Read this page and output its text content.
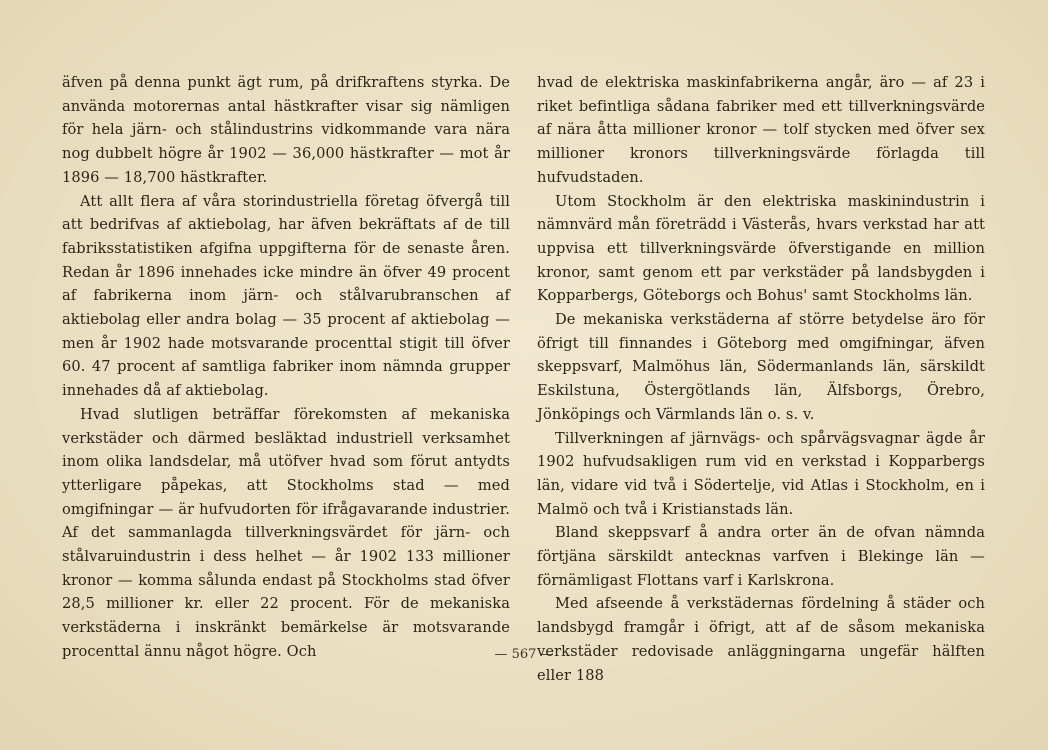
äfven på denna punkt ägt rum, på drifkraftens styrka. De använda motorernas antal hästkrafter visar sig nämligen för hela järn- och stålindustrins vidkommande vara nära nog dubbelt högre år 1902 — 36,000 hästkrafter — mot år 1896 — 18,700 hästkrafter.

Att allt flera af våra storindustriella företag öfvergå till att bedrifvas af aktiebolag, har äfven bekräftats af de till fabriksstatistiken afgifna uppgifterna för de senaste åren. Redan år 1896 innehades icke mindre än öfver 49 procent af fabrikerna inom järn- och stålvarubranschen af aktiebolag eller andra bolag — 35 procent af aktiebolag — men år 1902 hade motsvarande procenttal stigit till öfver 60. 47 procent af samtliga fabriker inom nämnda grupper innehades då af aktiebolag.

Hvad slutligen beträffar förekomsten af mekaniska verkstäder och därmed besläktad industriell verksamhet inom olika landsdelar, må utöfver hvad som förut antydts ytterligare påpekas, att Stockholms stad — med omgifningar — är hufvudorten för ifrågavarande industrier. Af det sammanlagda tillverkningsvärdet för järn- och stålvaruindustrin i dess helhet — år 1902 133 millioner kronor — komma sålunda endast på Stockholms stad öfver 28,5 millioner kr. eller 22 procent. För de mekaniska verkstäderna i inskränkt bemärkelse är motsvarande procenttal ännu något högre. Och

hvad de elektriska maskinfabrikerna angår, äro — af 23 i riket befintliga sådana fabriker med ett tillverkningsvärde af nära åtta millioner kronor — tolf stycken med öfver sex millioner kronors tillverkningsvärde förlagda till hufvudstaden.

Utom Stockholm är den elektriska maskinindustrin i nämnvärd mån företrädd i Västerås, hvars verkstad har att uppvisa ett tillverkningsvärde öfverstigande en million kronor, samt genom ett par verkstäder på landsbygden i Kopparbergs, Göteborgs och Bohus' samt Stockholms län.

De mekaniska verkstäderna af större betydelse äro för öfrigt till finnandes i Göteborg med omgifningar, äfven skeppsvarf, Malmöhus län, Södermanlands län, särskildt Eskilstuna, Östergötlands län, Älfsborgs, Örebro, Jönköpings och Värmlands län o. s. v.

Tillverkningen af järnvägs- och spårvägsvagnar ägde år 1902 hufvudsakligen rum vid en verkstad i Kopparbergs län, vidare vid två i Södertelje, vid Atlas i Stockholm, en i Malmö och två i Kristianstads län.

Bland skeppsvarf å andra orter än de ofvan nämnda förtjäna särskildt antecknas varfven i Blekinge län — förnämligast Flottans varf i Karlskrona.

Med afseende å verkstädernas fördelning å städer och landsbygd framgår i öfrigt, att af de såsom mekaniska verkstäder redovisade anläggningarna ungefär hälften eller 188

— 567 —
